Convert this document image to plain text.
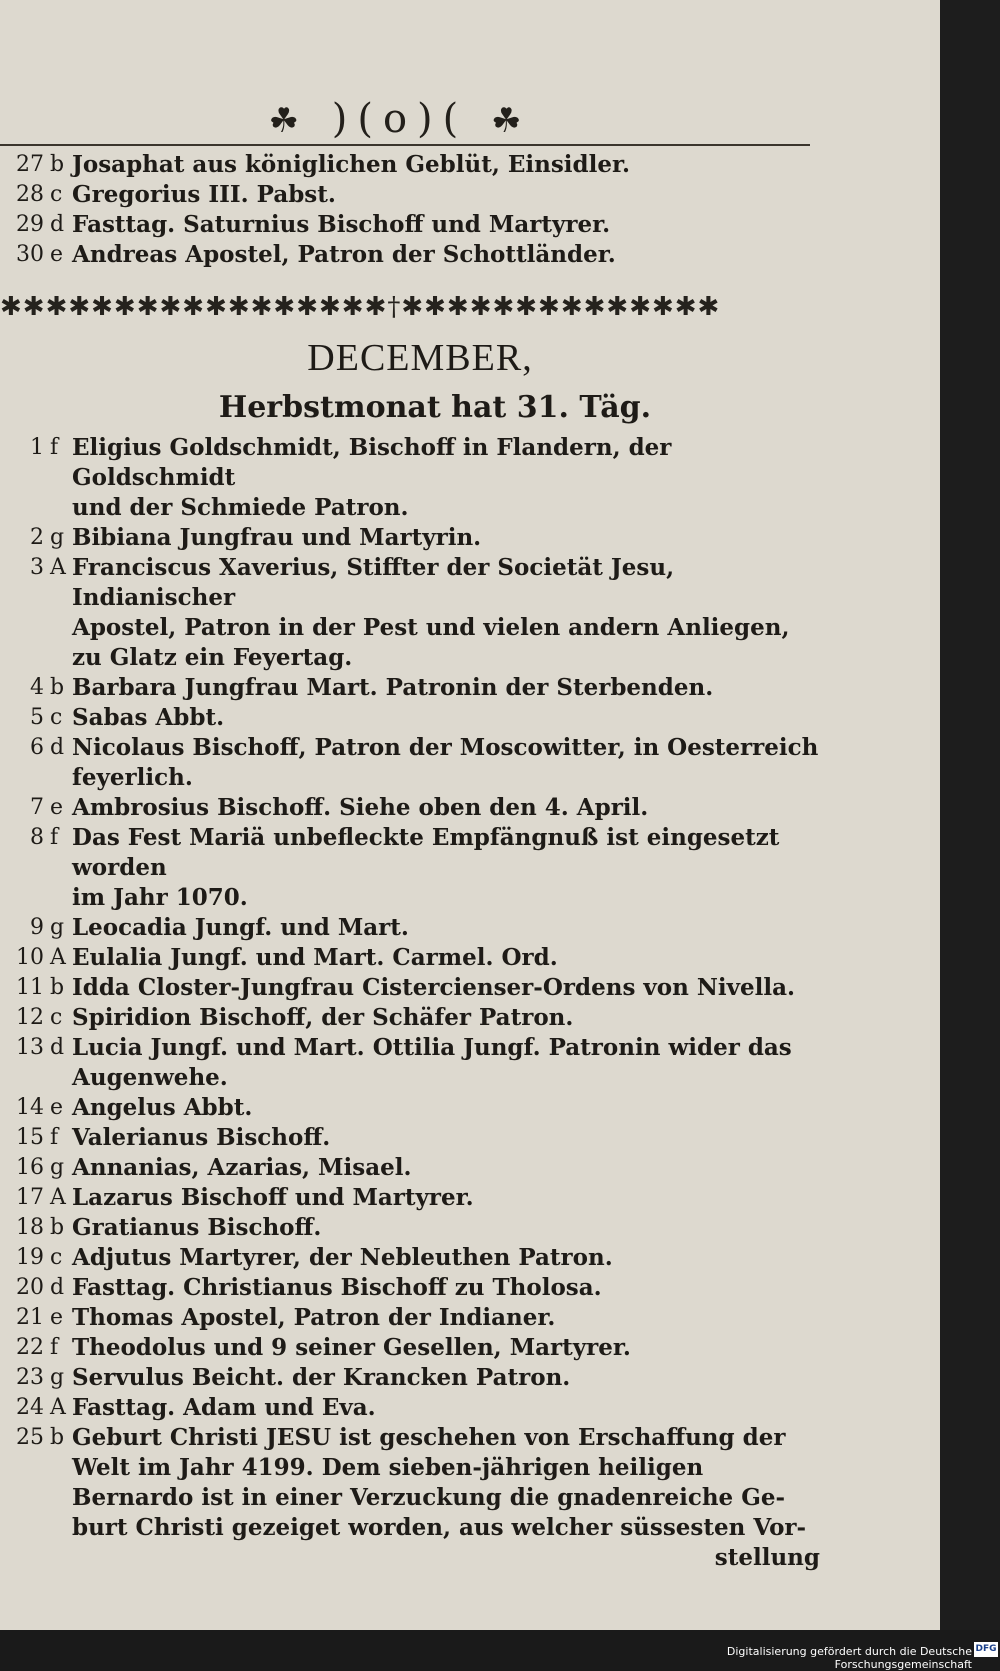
☘ )(o)( ☘
27 b Josaphat aus königlichen Geblüt, Einsidler.
28 c Gregorius III. Pabst.
29 d Fasttag. Saturnius Bischoff und Martyrer.
30 e Andreas Apostel, Patron der Schottländer.
✱✱✱✱✱✱✱✱✱✱✱✱✱✱✱✱✱†✱✱✱✱✱✱✱✱✱✱✱✱✱✱
DECEMBER,
Herbstmonat hat 31. Täg.
1 f Eligius Goldschmidt, Bischoff in Flandern, der Goldschmidt
und der Schmiede Patron.
2 g Bibiana Jungfrau und Martyrin.
3 A Franciscus Xaverius, Stiffter der Societät Jesu, Indianischer
Apostel, Patron in der Pest und vielen andern Anliegen,
zu Glatz ein Feyertag.
4 b Barbara Jungfrau Mart. Patronin der Sterbenden.
5 c Sabas Abbt.
6 d Nicolaus Bischoff, Patron der Moscowitter, in Oesterreich
feyerlich.
7 e Ambrosius Bischoff. Siehe oben den 4. April.
8 f Das Fest Mariä unbefleckte Empfängnuß ist eingesetzt worden
im Jahr 1070.
9 g Leocadia Jungf. und Mart.
10 A Eulalia Jungf. und Mart. Carmel. Ord.
11 b Idda Closter-Jungfrau Cistercienser-Ordens von Nivella.
12 c Spiridion Bischoff, der Schäfer Patron.
13 d Lucia Jungf. und Mart. Ottilia Jungf. Patronin wider das
Augenwehe.
14 e Angelus Abbt.
15 f Valerianus Bischoff.
16 g Annanias, Azarias, Misael.
17 A Lazarus Bischoff und Martyrer.
18 b Gratianus Bischoff.
19 c Adjutus Martyrer, der Nebleuthen Patron.
20 d Fasttag. Christianus Bischoff zu Tholosa.
21 e Thomas Apostel, Patron der Indianer.
22 f Theodolus und 9 seiner Gesellen, Martyrer.
23 g Servulus Beicht. der Krancken Patron.
24 A Fasttag. Adam und Eva.
25 b Geburt Christi JESU ist geschehen von Erschaffung der
Welt im Jahr 4199. Dem sieben-jährigen heiligen
Bernardo ist in einer Verzuckung die gnadenreiche Ge-
burt Christi gezeiget worden, aus welcher süssesten Vor-
stellung
Digitalisierung gefördert durch die Deutsche Forschungsgemeinschaft
DFG
